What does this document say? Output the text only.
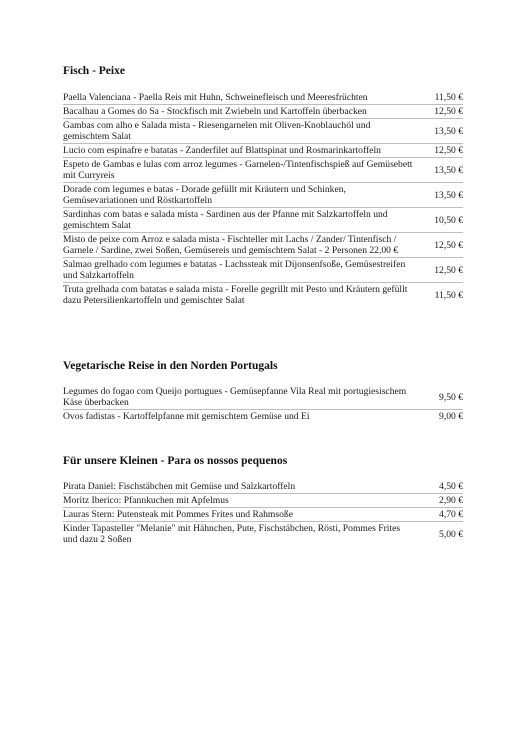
Fisch - Peixe
Paella Valenciana - Paella Reis mit Huhn, Schweinefleisch und Meeresfrüchten	11,50 €
Bacalhau a Gomes do Sa - Stockfisch mit Zwiebeln und Kartoffeln überbacken	12,50 €
Gambas com alho e Salada mista - Riesengarnelen mit Oliven-Knoblauchöl und gemischtem Salat	13,50 €
Lucio com espinafre e batatas - Zanderfilet auf Blattspinat und Rosmarinkartoffeln	12,50 €
Espeto de Gambas e lulas com arroz legumes - Garnelen-/Tintenfischspieß auf Gemüsebett mit Curryreis	13,50 €
Dorade com legumes e batas - Dorade gefüllt mit Kräutern und Schinken, Gemüsevariationen und Röstkartoffeln	13,50 €
Sardinhas com batas e salada mista - Sardinen aus der Pfanne mit Salzkartoffeln und gemischtem Salat	10,50 €
Misto de peixe com Arroz e salada mista - Fischteller mit Lachs / Zander/ Tintenfisch / Garnele / Sardine, zwei Soßen, Gemüsereis und gemischtem Salat - 2 Personen 22,00 €	12,50 €
Salmao grelhado com legumes e batatas - Lachssteak mit Dijonsenfsoße, Gemüsestreifen und Salzkartoffeln	12,50 €
Truta grelhada com batatas e salada mista - Forelle gegrillt mit Pesto und Kräutern gefüllt dazu Petersilienkartoffeln und gemischter Salat	11,50 €
Vegetarische Reise in den Norden Portugals
Legumes do fogao com Queijo portugues - Gemüsepfanne Vila Real mit portugiesischem Käse überbacken	9,50 €
Ovos fadistas - Kartoffelpfanne mit gemischtem Gemüse und Ei	9,00 €
Für unsere Kleinen - Para os nossos pequenos
Pirata Daniel: Fischstäbchen mit Gemüse und Salzkartoffeln	4,50 €
Moritz Iberico: Pfannkuchen mit Apfelmus	2,90 €
Lauras Stern: Putensteak mit Pommes Frites und Rahmsoße	4,70 €
Kinder Tapasteller "Melanie" mit Hähnchen, Pute, Fischstäbchen, Rösti, Pommes Frites und dazu 2 Soßen	5,00 €
